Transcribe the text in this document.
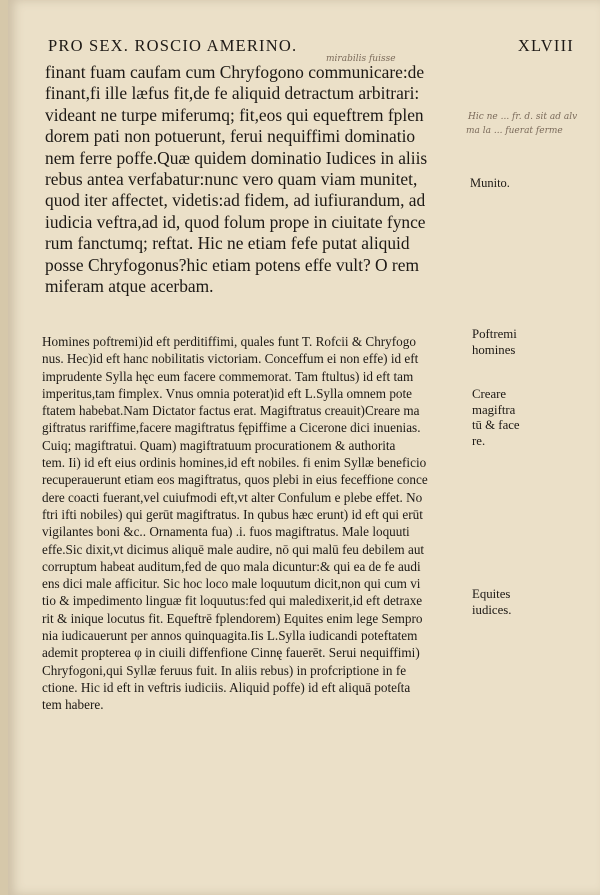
PRO SEX. ROSCIO AMERINO.	XLVIII
mirabilis fuisse
Hic ne ... fr. d. sit ad alv
ma la ... fuerat ferme

finant fuam caufam cum Chryfogono communicare:de
finant,fi ille læfus fit,de fe aliquid detractum arbitrari:
videant ne turpe miferumq; fit,eos qui equeftrem fplen
dorem pati non potuerunt, ferui nequiffimi dominatio
nem ferre poffe.Quæ quidem dominatio Iudices in aliis
rebus antea verfabatur:nunc vero quam viam munitet,
quod iter affectet, videtis:ad fidem, ad iufiurandum, ad
iudicia veftra,ad id, quod folum prope in ciuitate fynce
rum fanctumq; reftat. Hic ne etiam fefe putat aliquid
posse Chryfogonus?hic etiam potens effe vult? O rem
miferam atque acerbam.

Munito.

Homines poftremi)id eft perditiffimi, quales funt T. Rofcii & Chryfogo
nus. Hec)id eft hanc nobilitatis victoriam. Conceffum ei non effe) id eft
imprudente Sylla hęc eum facere commemorat. Tam ftultus) id eft tam
imperitus,tam fimplex. Vnus omnia poterat)id eft L.Sylla omnem pote
ftatem habebat.Nam Dictator factus erat. Magiftratus creauit)Creare ma
giftratus rariffime,facere magiftratus fępiffime a Cicerone dici inuenias.
Cuiq; magiftratui. Quam) magiftratuum procurationem & authorita
tem. Ii) id eft eius ordinis homines,id eft nobiles. fi enim Syllæ beneficio
recuperauerunt etiam eos magiftratus, quos plebi in eius feceffione conce
dere coacti fuerant,vel cuiufmodi eft,vt alter Confulum e plebe effet. No
ftri ifti nobiles) qui gerūt magiftratus. In qubus hæc erunt) id eft qui erūt
vigilantes boni &c.. Ornamenta fua) .i. fuos magiftratus. Male loquuti
effe.Sic dixit,vt dicimus aliquē male audire, nō qui malū feu debilem aut
corruptum habeat auditum,fed de quo mala dicuntur:& qui ea de fe audi
ens dici male afficitur. Sic hoc loco male loquutum dicit,non qui cum vi
tio & impedimento linguæ fit loquutus:fed qui maledixerit,id eft detraxe
rit & inique locutus fit. Equeftrē fplendorem) Equites enim lege Sempro
nia iudicauerunt per annos quinquagita.Iis L.Sylla iudicandi poteftatem
ademit propterea φ in ciuili diffenfione Cinnę fauerēt. Serui nequiffimi)
Chryfogoni,qui Syllæ feruus fuit. In aliis rebus) in profcriptione in fe
ctione. Hic id eft in veftris iudiciis. Aliquid poffe) id eft aliquā poteſta
tem habere.

Poftremi
homines
Creare
magiftra
tū & face
re.
Equites
iudices.
